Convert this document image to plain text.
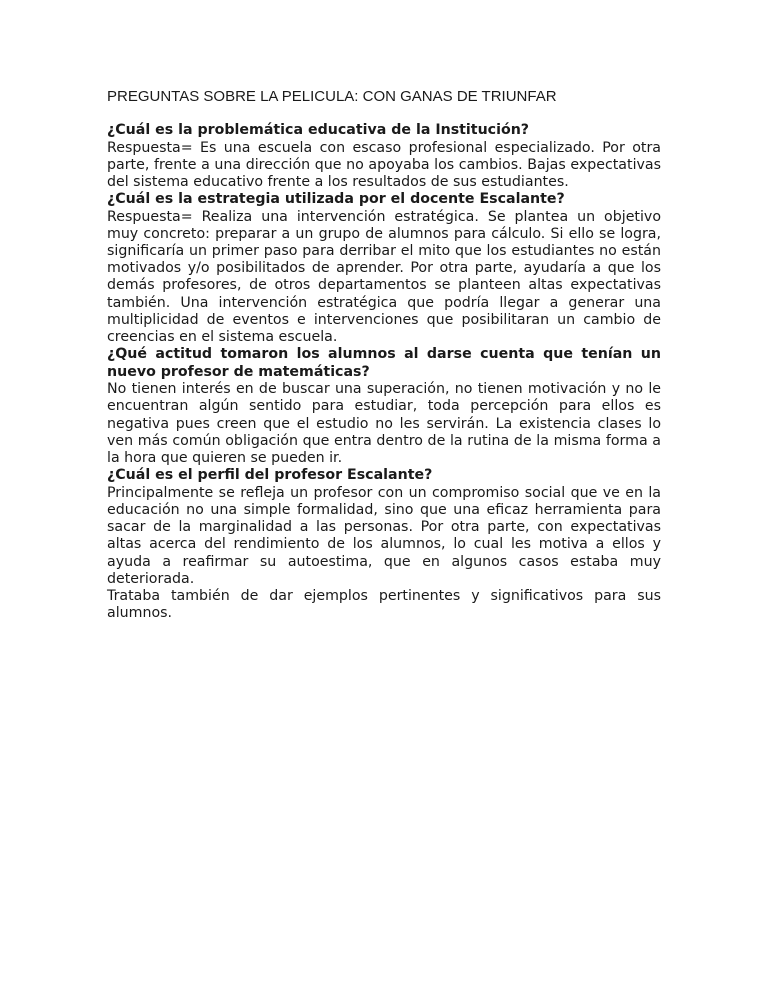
PREGUNTAS SOBRE LA PELICULA: CON GANAS DE TRIUNFAR

¿Cuál es la problemática educativa de la Institución?

Respuesta= Es una escuela con escaso profesional especializado. Por otra parte, frente a una dirección que no apoyaba los cambios. Bajas expectativas del sistema educativo frente a los resultados de sus estudiantes.

¿Cuál es la estrategia utilizada por el docente Escalante?

Respuesta= Realiza una intervención estratégica. Se plantea un objetivo muy concreto: preparar a un grupo de alumnos para cálculo. Si ello se logra, significaría un primer paso para derribar el mito que los estudiantes no están motivados y/o posibilitados de aprender. Por otra parte, ayudaría a que los demás profesores, de otros departamentos se planteen altas expectativas también. Una intervención estratégica que podría llegar a generar una multiplicidad de eventos e intervenciones que posibilitaran un cambio de creencias en el sistema escuela.

¿Qué actitud tomaron los alumnos al darse cuenta que tenían un nuevo profesor de matemáticas?

No tienen interés en de buscar una superación, no tienen motivación y no le encuentran algún sentido para estudiar, toda percepción para ellos es negativa pues creen que el estudio no les servirán. La existencia clases lo ven más común obligación que entra dentro de la rutina de la misma forma a la hora que quieren se pueden ir.

¿Cuál es el perfil del profesor Escalante?

Principalmente se refleja un profesor con un compromiso social que ve en la educación no una simple formalidad, sino que una eficaz herramienta para sacar de la marginalidad a las personas. Por otra parte, con expectativas altas acerca del rendimiento de los alumnos, lo cual les motiva a ellos y ayuda a reafirmar su autoestima, que en algunos casos estaba muy deteriorada.

Trataba también de dar ejemplos pertinentes y significativos para sus alumnos.
